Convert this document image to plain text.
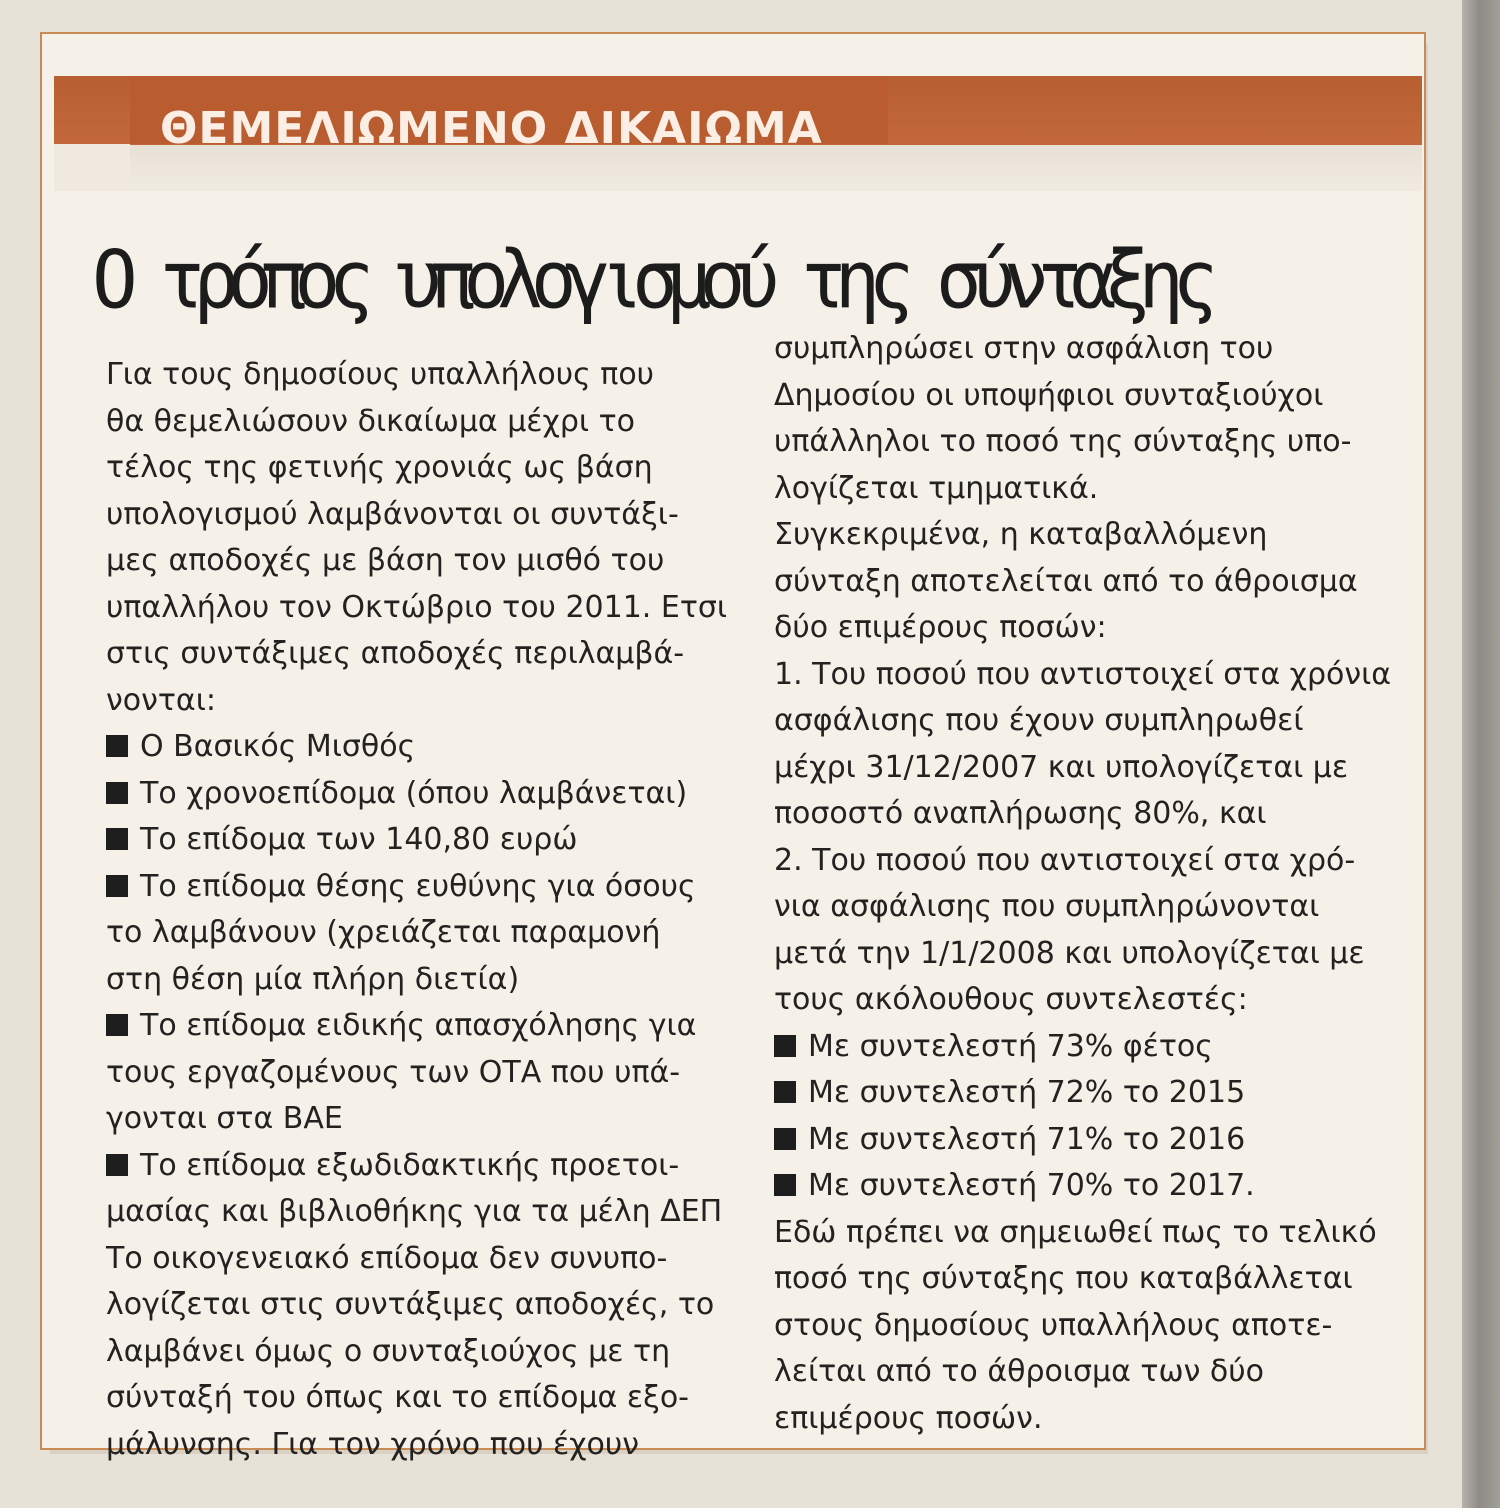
ΘΕΜΕΛΙΩΜΕΝΟ ΔΙΚΑΙΩΜΑ
Ο τρόπος υπολογισμού της σύνταξης
Για τους δημοσίους υπαλλήλους που
θα θεμελιώσουν δικαίωμα μέχρι το
τέλος της φετινής χρονιάς ως βάση
υπολογισμού λαμβάνονται οι συντάξι-
μες αποδοχές με βάση τον μισθό του
υπαλλήλου τον Οκτώβριο του 2011. Ετσι
στις συντάξιμες αποδοχές περιλαμβά-
νονται:
Ο Βασικός Μισθός
Το χρονοεπίδομα (όπου λαμβάνεται)
Το επίδομα των 140,80 ευρώ
Το επίδομα θέσης ευθύνης για όσους
το λαμβάνουν (χρειάζεται παραμονή
στη θέση μία πλήρη διετία)
Το επίδομα ειδικής απασχόλησης για
τους εργαζομένους των ΟΤΑ που υπά-
γονται στα ΒΑΕ
Το επίδομα εξωδιδακτικής προετοι-
μασίας και βιβλιοθήκης για τα μέλη ΔΕΠ
Το οικογενειακό επίδομα δεν συνυπο-
λογίζεται στις συντάξιμες αποδοχές, το
λαμβάνει όμως ο συνταξιούχος με τη
σύνταξή του όπως και το επίδομα εξο-
μάλυνσης. Για τον χρόνο που έχουν
συμπληρώσει στην ασφάλιση του
Δημοσίου οι υποψήφιοι συνταξιούχοι
υπάλληλοι το ποσό της σύνταξης υπο-
λογίζεται τμηματικά.
Συγκεκριμένα, η καταβαλλόμενη
σύνταξη αποτελείται από το άθροισμα
δύο επιμέρους ποσών:
1. Του ποσού που αντιστοιχεί στα χρόνια
ασφάλισης που έχουν συμπληρωθεί
μέχρι 31/12/2007 και υπολογίζεται με
ποσοστό αναπλήρωσης 80%, και
2. Του ποσού που αντιστοιχεί στα χρό-
νια ασφάλισης που συμπληρώνονται
μετά την 1/1/2008 και υπολογίζεται με
τους ακόλουθους συντελεστές:
Με συντελεστή 73% φέτος
Με συντελεστή 72% το 2015
Με συντελεστή 71% το 2016
Με συντελεστή 70% το 2017.
Εδώ πρέπει να σημειωθεί πως το τελικό
ποσό της σύνταξης που καταβάλλεται
στους δημοσίους υπαλλήλους αποτε-
λείται από το άθροισμα των δύο
επιμέρους ποσών.
